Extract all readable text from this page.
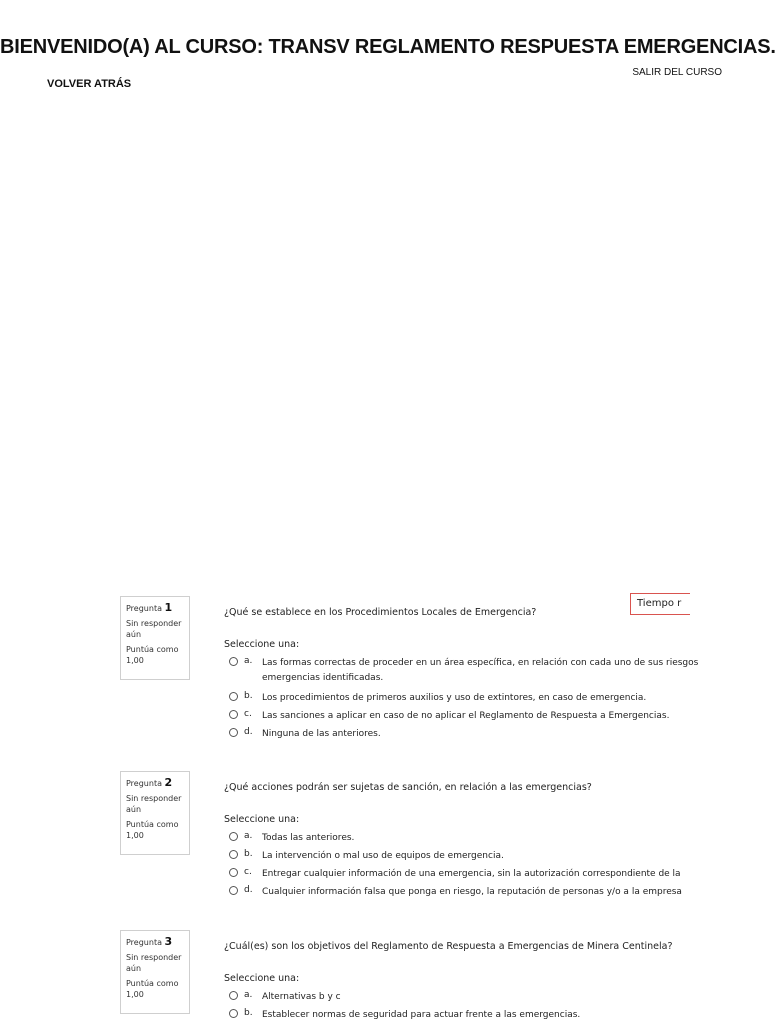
BIENVENIDO(A) AL CURSO: TRANSV REGLAMENTO RESPUESTA EMERGENCIAS.
SALIR DEL CURSO
VOLVER ATRÁS
Tiempo r
Pregunta 1
Sin responder aún
Puntúa como
1,00
¿Qué se establece en los Procedimientos Locales de Emergencia?
Seleccione una:
a. Las formas correctas de proceder en un área específica, en relación con cada uno de sus riesgos
emergencias identificadas.
b. Los procedimientos de primeros auxilios y uso de extintores, en caso de emergencia.
c. Las sanciones a aplicar en caso de no aplicar el Reglamento de Respuesta a Emergencias.
d. Ninguna de las anteriores.
Pregunta 2
Sin responder aún
Puntúa como
1,00
¿Qué acciones podrán ser sujetas de sanción, en relación a las emergencias?
Seleccione una:
a. Todas las anteriores.
b. La intervención o mal uso de equipos de emergencia.
c. Entregar cualquier información de una emergencia, sin la autorización correspondiente de la
d. Cualquier información falsa que ponga en riesgo, la reputación de personas y/o a la empresa
Pregunta 3
Sin responder aún
Puntúa como
1,00
¿Cuál(es) son los objetivos del Reglamento de Respuesta a Emergencias de Minera Centinela?
Seleccione una:
a. Alternativas b y c
b. Establecer normas de seguridad para actuar frente a las emergencias.
